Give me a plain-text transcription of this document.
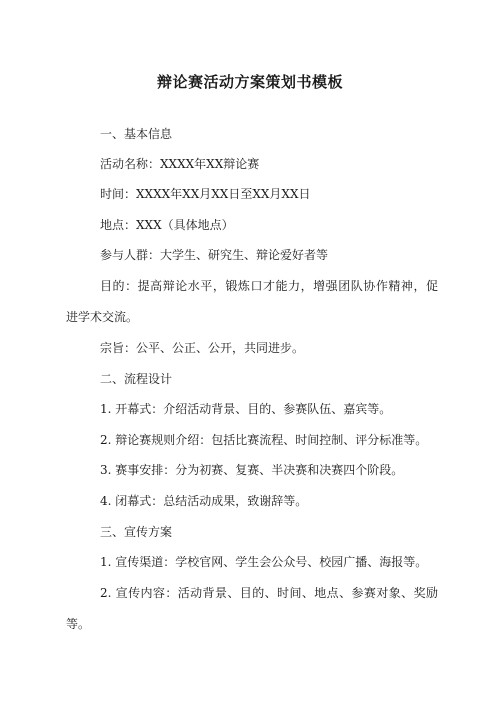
辩论赛活动方案策划书模板
一、基本信息
活动名称：XXXX年XX辩论赛
时间：XXXX年XX月XX日至XX月XX日
地点：XXX（具体地点）
参与人群：大学生、研究生、辩论爱好者等
目的：提高辩论水平，锻炼口才能力，增强团队协作精神，促
进学术交流。
宗旨：公平、公正、公开，共同进步。
二、流程设计
1. 开幕式：介绍活动背景、目的、参赛队伍、嘉宾等。
2. 辩论赛规则介绍：包括比赛流程、时间控制、评分标准等。
3. 赛事安排：分为初赛、复赛、半决赛和决赛四个阶段。
4. 闭幕式：总结活动成果，致谢辞等。
三、宣传方案
1. 宣传渠道：学校官网、学生会公众号、校园广播、海报等。
2. 宣传内容：活动背景、目的、时间、地点、参赛对象、奖励
等。
